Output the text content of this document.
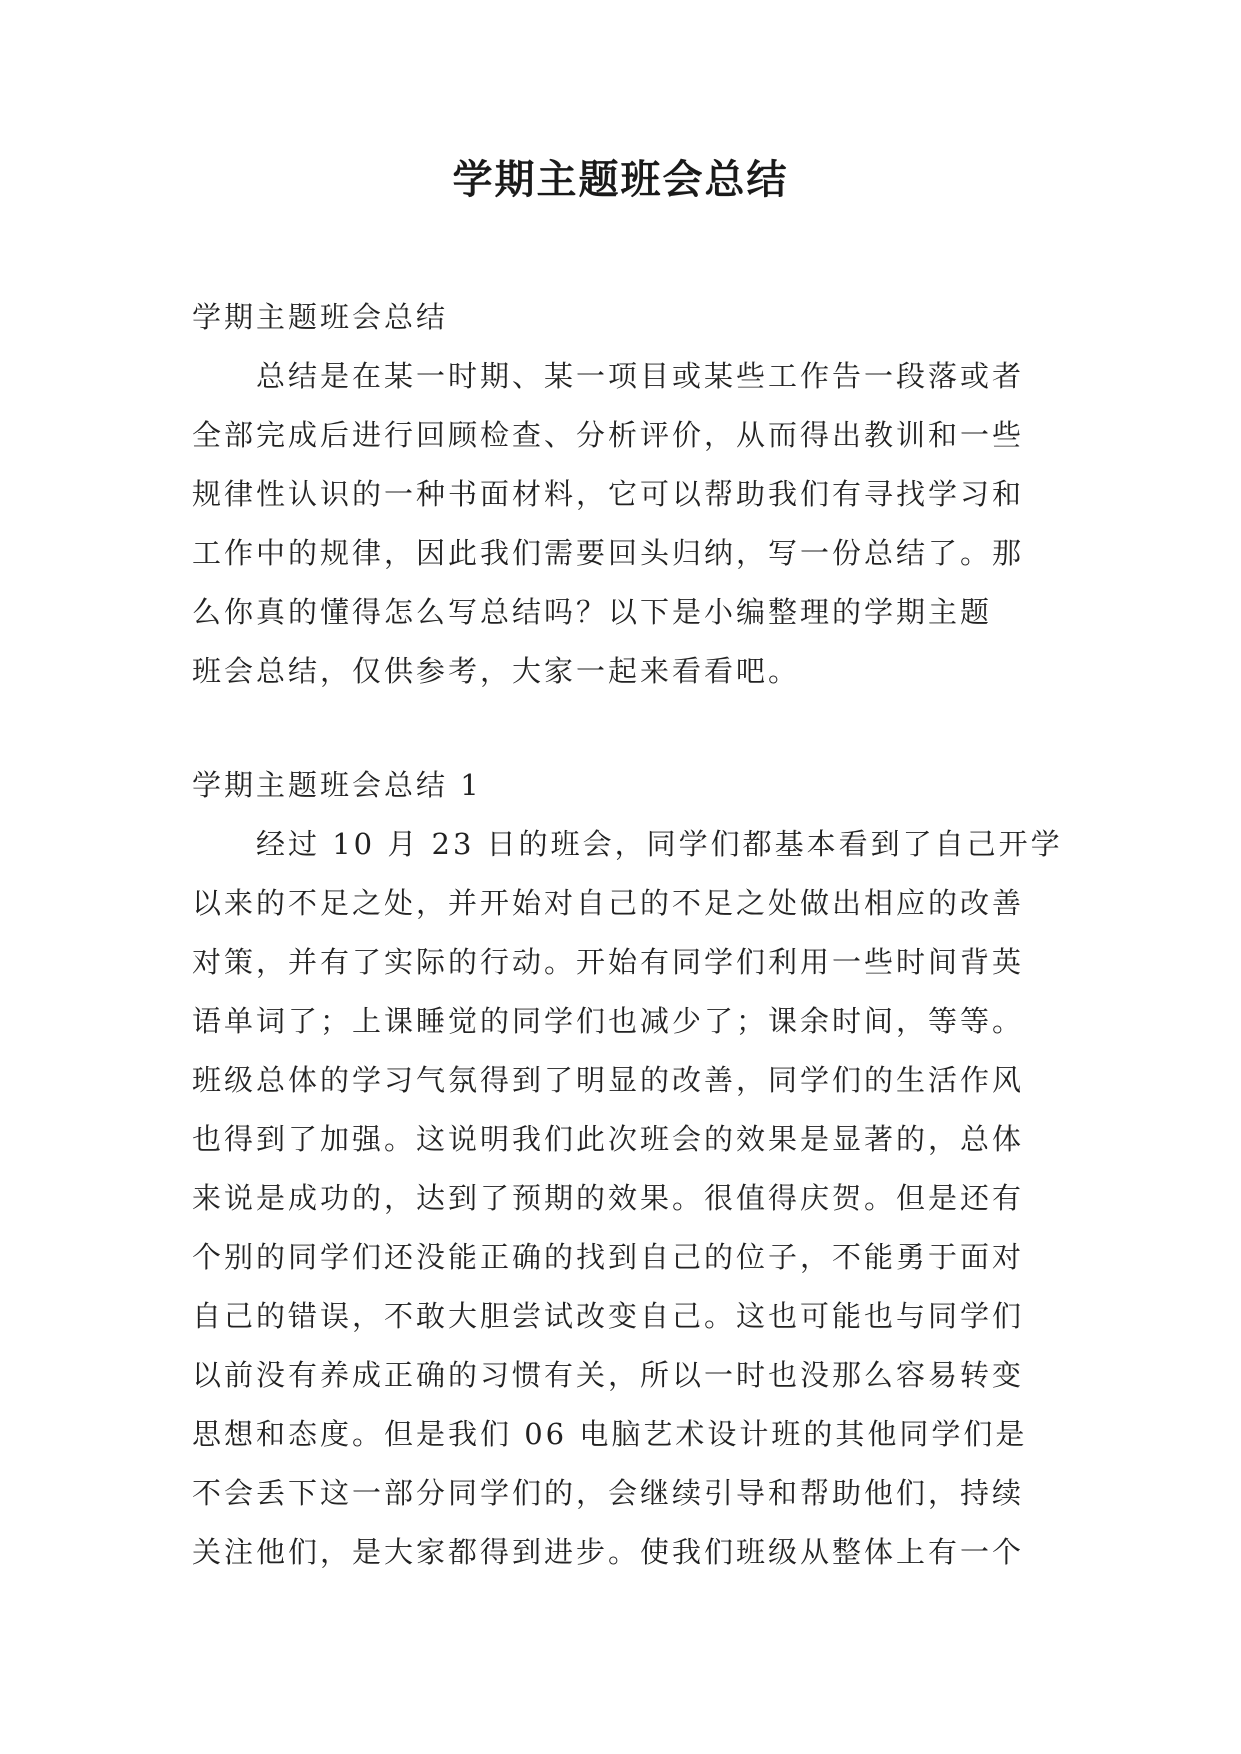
学期主题班会总结

学期主题班会总结

总结是在某一时期、某一项目或某些工作告一段落或者
全部完成后进行回顾检查、分析评价，从而得出教训和一些
规律性认识的一种书面材料，它可以帮助我们有寻找学习和
工作中的规律，因此我们需要回头归纳，写一份总结了。那
么你真的懂得怎么写总结吗？以下是小编整理的学期主题
班会总结，仅供参考，大家一起来看看吧。

学期主题班会总结 1

经过 10 月 23 日的班会，同学们都基本看到了自己开学
以来的不足之处，并开始对自己的不足之处做出相应的改善
对策，并有了实际的行动。开始有同学们利用一些时间背英
语单词了；上课睡觉的同学们也减少了；课余时间，等等。
班级总体的学习气氛得到了明显的改善，同学们的生活作风
也得到了加强。这说明我们此次班会的效果是显著的，总体
来说是成功的，达到了预期的效果。很值得庆贺。但是还有
个别的同学们还没能正确的找到自己的位子，不能勇于面对
自己的错误，不敢大胆尝试改变自己。这也可能也与同学们
以前没有养成正确的习惯有关，所以一时也没那么容易转变
思想和态度。但是我们 06 电脑艺术设计班的其他同学们是
不会丢下这一部分同学们的，会继续引导和帮助他们，持续
关注他们，是大家都得到进步。使我们班级从整体上有一个
